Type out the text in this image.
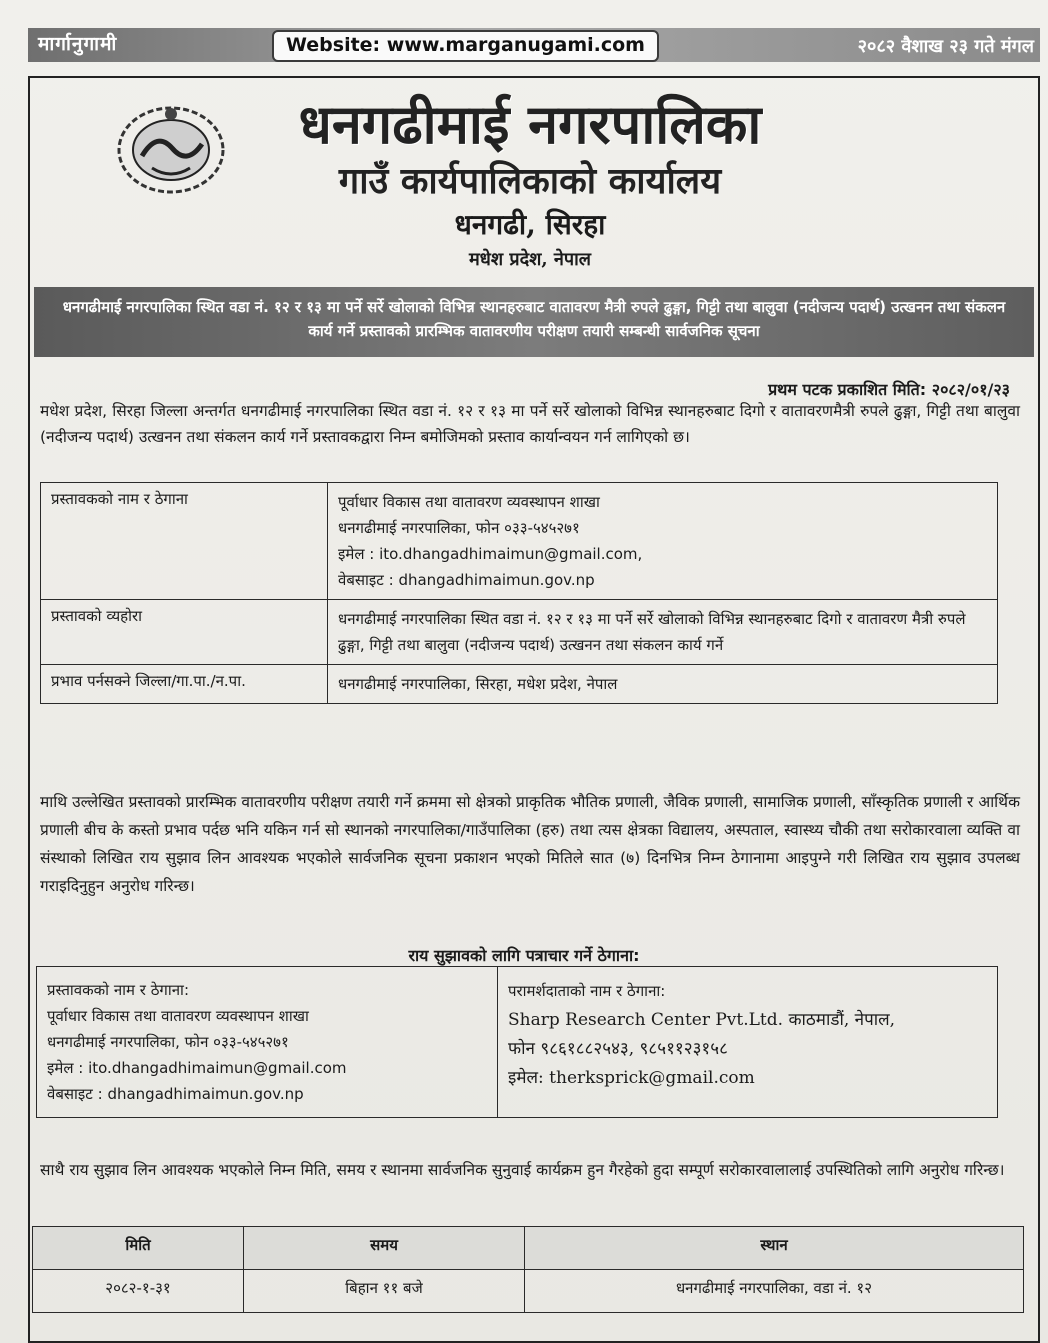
मार्गानुगामी	Website: www.marganugami.com	२०८२ वैशाख २३ गते मंगल
धनगढीमाई नगरपालिका
गाउँ कार्यपालिकाको कार्यालय
धनगढी, सिरहा
मधेश प्रदेश, नेपाल
धनगढीमाई नगरपालिका स्थित वडा नं. १२ र १३ मा पर्ने सर्रे खोलाको विभिन्न स्थानहरुबाट वातावरण मैत्री रुपले ढुङ्गा, गिट्टी तथा बालुवा (नदीजन्य पदार्थ) उत्खनन तथा संकलन कार्य गर्ने प्रस्तावको प्रारम्भिक वातावरणीय परीक्षण तयारी सम्बन्धी सार्वजनिक सूचना
प्रथम पटक प्रकाशित मिति: २०८२/०१/२३
मधेश प्रदेश, सिरहा जिल्ला अन्तर्गत धनगढीमाई नगरपालिका स्थित वडा नं. १२ र १३ मा पर्ने सर्रे खोलाको विभिन्न स्थानहरुबाट दिगो र वातावरणमैत्री रुपले ढुङ्गा, गिट्टी तथा बालुवा (नदीजन्य पदार्थ) उत्खनन तथा संकलन कार्य गर्ने प्रस्तावकद्वारा निम्न बमोजिमको प्रस्ताव कार्यान्वयन गर्न लागिएको छ।
प्रस्तावकको नाम र ठेगाना	पूर्वाधार विकास तथा वातावरण व्यवस्थापन शाखा
धनगढीमाई नगरपालिका, फोन ०३३-५४५२७१
इमेल : ito.dhangadhimaimun@gmail.com,
वेबसाइट : dhangadhimaimun.gov.np

प्रस्तावको व्यहोरा	धनगढीमाई नगरपालिका स्थित वडा नं. १२ र १३ मा पर्ने सर्रे खोलाको विभिन्न स्थानहरुबाट दिगो र वातावरण मैत्री रुपले ढुङ्गा, गिट्टी तथा बालुवा (नदीजन्य पदार्थ) उत्खनन तथा संकलन कार्य गर्ने
प्रभाव पर्नसक्ने जिल्ला/गा.पा./न.पा.	धनगढीमाई नगरपालिका, सिरहा, मधेश प्रदेश, नेपाल
माथि उल्लेखित प्रस्तावको प्रारम्भिक वातावरणीय परीक्षण तयारी गर्ने क्रममा सो क्षेत्रको प्राकृतिक भौतिक प्रणाली, जैविक प्रणाली, सामाजिक प्रणाली, साँस्कृतिक प्रणाली र आर्थिक प्रणाली बीच के कस्तो प्रभाव पर्दछ भनि यकिन गर्न सो स्थानको नगरपालिका/गाउँपालिका (हरु) तथा त्यस क्षेत्रका विद्यालय, अस्पताल, स्वास्थ्य चौकी तथा सरोकारवाला व्यक्ति वा संस्थाको लिखित राय सुझाव लिन आवश्यक भएकोले सार्वजनिक सूचना प्रकाशन भएको मितिले सात (७) दिनभित्र निम्न ठेगानामा आइपुग्ने गरी लिखित राय सुझाव उपलब्ध गराइदिनुहुन अनुरोध गरिन्छ।
राय सुझावको लागि पत्राचार गर्ने ठेगाना:
प्रस्तावकको नाम र ठेगाना:
पूर्वाधार विकास तथा वातावरण व्यवस्थापन शाखा
धनगढीमाई नगरपालिका, फोन ०३३-५४५२७१
इमेल : ito.dhangadhimaimun@gmail.com
वेबसाइट : dhangadhimaimun.gov.np

परामर्शदाताको नाम र ठेगाना:
Sharp Research Center Pvt.Ltd. काठमाडौं, नेपाल,
फोन ९८६१८८२५४३, ९८५११२३१५८
इमेल: therksprick@gmail.com
साथै राय सुझाव लिन आवश्यक भएकोले निम्न मिति, समय र स्थानमा सार्वजनिक सुनुवाई कार्यक्रम हुन गैरहेको हुदा सम्पूर्ण सरोकारवालालाई उपस्थितिको लागि अनुरोध गरिन्छ।
मिति	समय	स्थान
२०८२-१-३१	बिहान ११ बजे	धनगढीमाई नगरपालिका, वडा नं. १२
